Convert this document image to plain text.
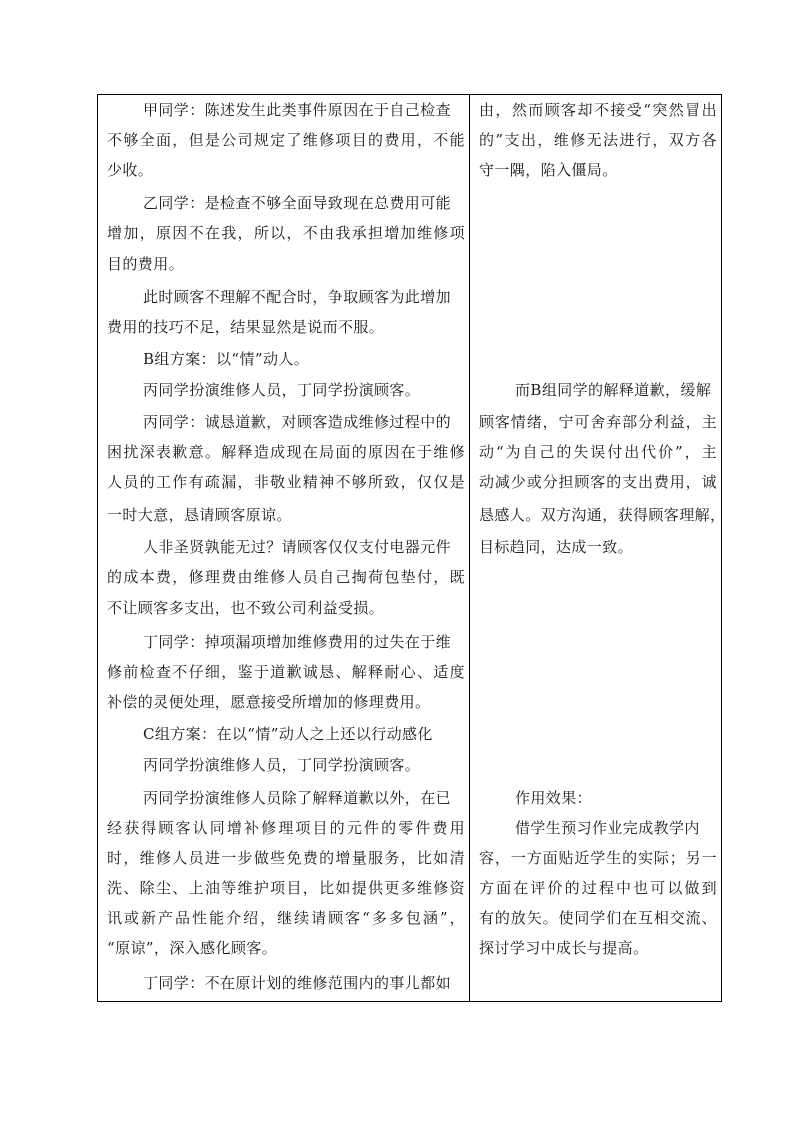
甲同学：陈述发生此类事件原因在于自己检查
不够全面，但是公司规定了维修项目的费用，不能
少收。
乙同学：是检查不够全面导致现在总费用可能
增加，原因不在我，所以，不由我承担增加维修项
目的费用。
此时顾客不理解不配合时，争取顾客为此增加
费用的技巧不足，结果显然是说而不服。
B组方案：以“情”动人。
丙同学扮演维修人员，丁同学扮演顾客。
丙同学：诚恳道歉，对顾客造成维修过程中的
困扰深表歉意。解释造成现在局面的原因在于维修
人员的工作有疏漏，非敬业精神不够所致，仅仅是
一时大意，恳请顾客原谅。
人非圣贤孰能无过？请顾客仅仅支付电器元件
的成本费，修理费由维修人员自己掏荷包垫付，既
不让顾客多支出，也不致公司利益受损。
丁同学：掉项漏项增加维修费用的过失在于维
修前检查不仔细，鉴于道歉诚恳、解释耐心、适度
补偿的灵便处理，愿意接受所增加的修理费用。
C组方案：在以“情”动人之上还以行动感化
丙同学扮演维修人员，丁同学扮演顾客。
丙同学扮演维修人员除了解释道歉以外，在已
经获得顾客认同增补修理项目的元件的零件费用
时，维修人员进一步做些免费的增量服务，比如清
洗、除尘、上油等维护项目，比如提供更多维修资
讯或新产品性能介绍，继续请顾客“多多包涵”，
“原谅”，深入感化顾客。
丁同学：不在原计划的维修范围内的事儿都如

由，然而顾客却不接受“突然冒出
的”支出，维修无法进行，双方各
守一隅，陷入僵局。
而B组同学的解释道歉，缓解
顾客情绪，宁可舍弃部分利益，主
动“为自己的失误付出代价”，主
动减少或分担顾客的支出费用，诚
恳感人。双方沟通，获得顾客理解，
目标趋同，达成一致。
作用效果：
借学生预习作业完成教学内
容，一方面贴近学生的实际；另一
方面在评价的过程中也可以做到
有的放矢。使同学们在互相交流、
探讨学习中成长与提高。
